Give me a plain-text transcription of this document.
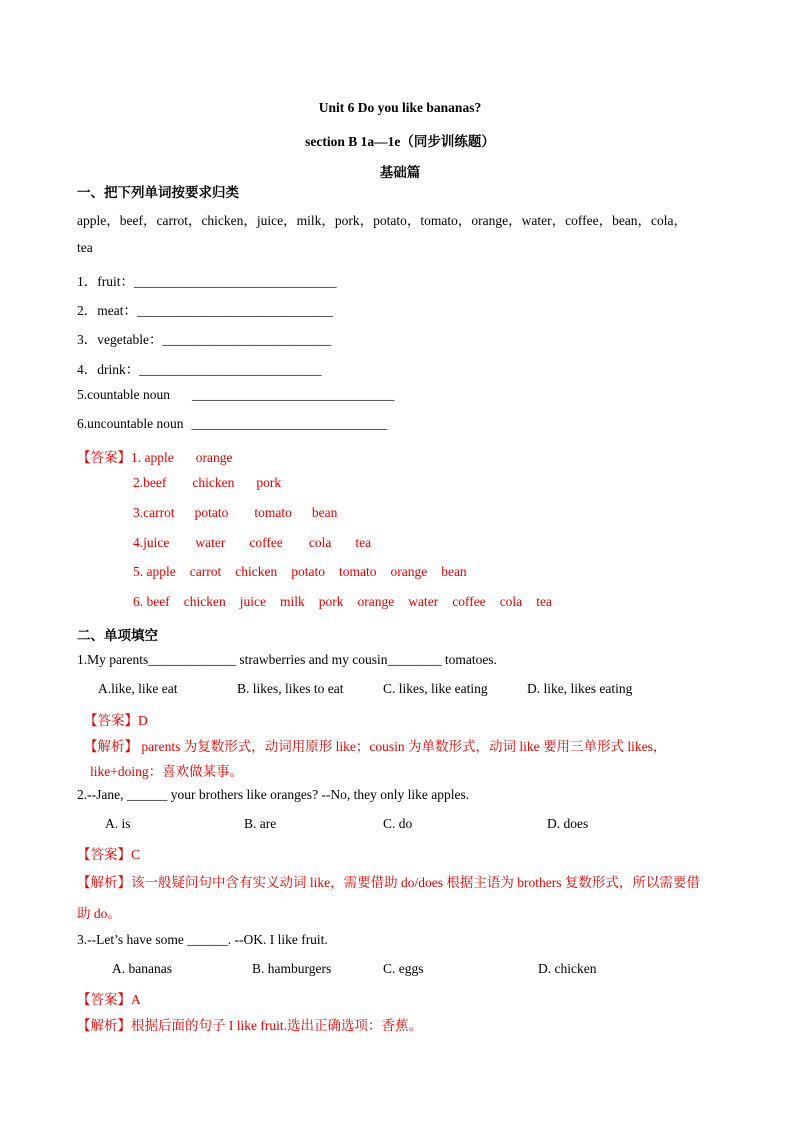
Unit 6 Do you like bananas?
section B 1a—1e（同步训练题）
基础篇
一、把下列单词按要求归类
apple，beef，carrot，chicken，juice，milk，pork，potato，tomato，orange，water，coffee，bean，cola，
tea
1．fruit：______________________________
2．meat：_____________________________
3．vegetable：_________________________
4．drink：___________________________
5.countable noun ______________________________
6.uncountable noun _____________________________
【答案】1. apple orange
2.beef chicken pork
3.carrot potato tomato bean
4.juice water coffee cola tea
5. apple carrot chicken potato tomato orange bean
6. beef chicken juice milk pork orange water coffee cola tea
二、单项填空
1.My parents_____________ strawberries and my cousin________ tomatoes.
A.like, like eat	B. likes, likes to eat	C. likes, like eating	D. like, likes eating
【答案】D
【解析】 parents 为复数形式，动词用原形 like；cousin 为单数形式，动词 like 要用三单形式 likes，
like+doing：喜欢做某事。
2.--Jane, ______ your brothers like oranges? --No, they only like apples.
A. is	B. are	C. do	D. does
【答案】C
【解析】该一般疑问句中含有实义动词 like，需要借助 do/does 根据主语为 brothers 复数形式，所以需要借
助 do。
3.--Let’s have some ______. --OK. I like fruit.
A. bananas	B. hamburgers	C. eggs	D. chicken
【答案】A
【解析】根据后面的句子 I like fruit.选出正确选项：香蕉。
